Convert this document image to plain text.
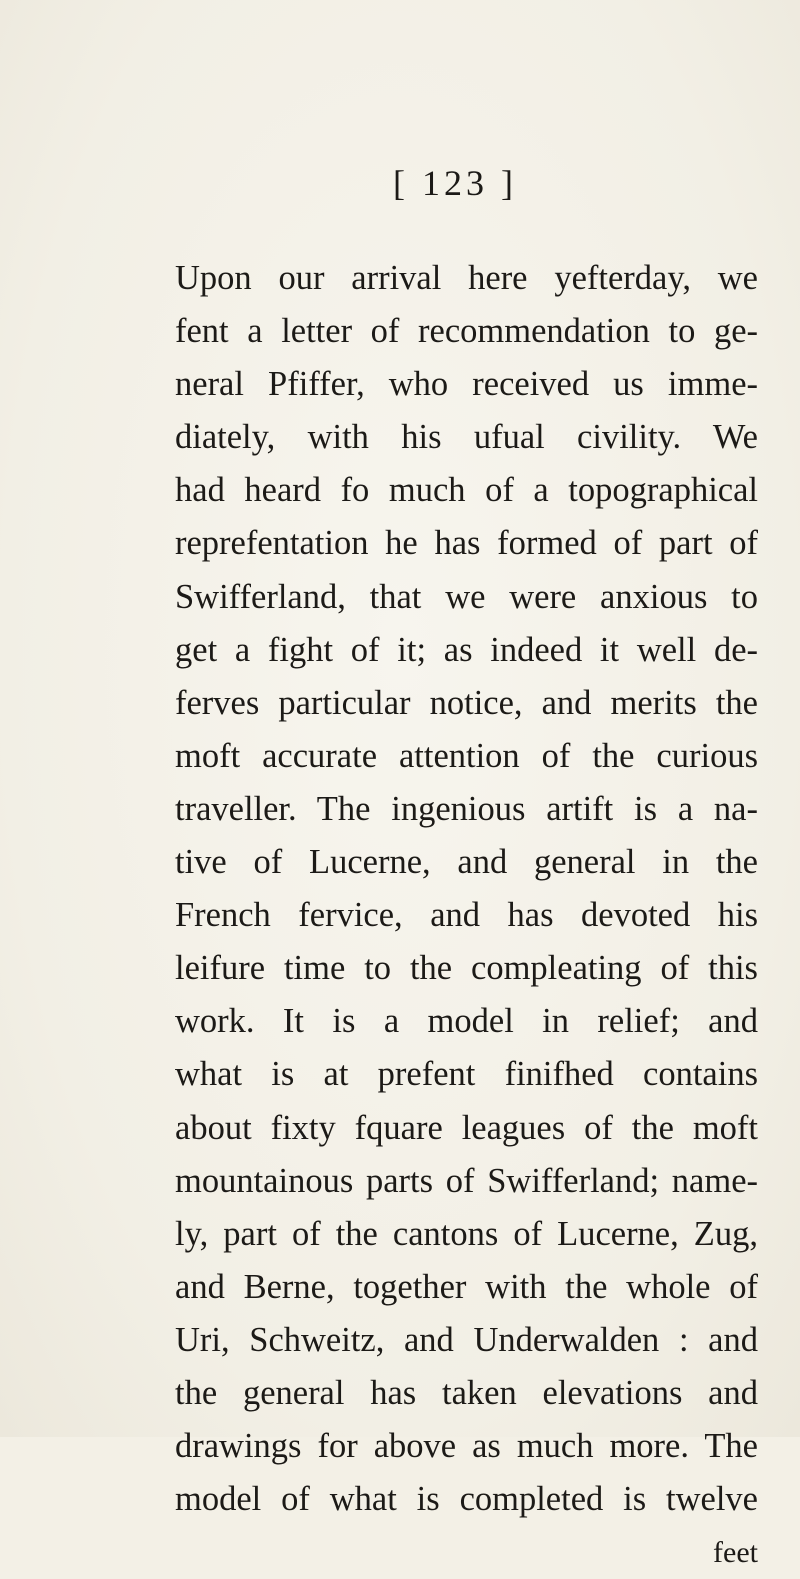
[ 123 ]
Upon our arrival here yefterday, we
fent a letter of recommendation to ge-
neral Pfiffer, who received us imme-
diately, with his ufual civility. We
had heard fo much of a topographical
reprefentation he has formed of part of
Swifferland, that we were anxious to
get a fight of it; as indeed it well de-
ferves particular notice, and merits the
moft accurate attention of the curious
traveller. The ingenious artift is a na-
tive of Lucerne, and general in the
French fervice, and has devoted his
leifure time to the compleating of this
work. It is a model in relief; and
what is at prefent finifhed contains
about fixty fquare leagues of the moft
mountainous parts of Swifferland; name-
ly, part of the cantons of Lucerne, Zug,
and Berne, together with the whole of
Uri, Schweitz, and Underwalden : and
the general has taken elevations and
drawings for above as much more. The
model of what is completed is twelve
feet
